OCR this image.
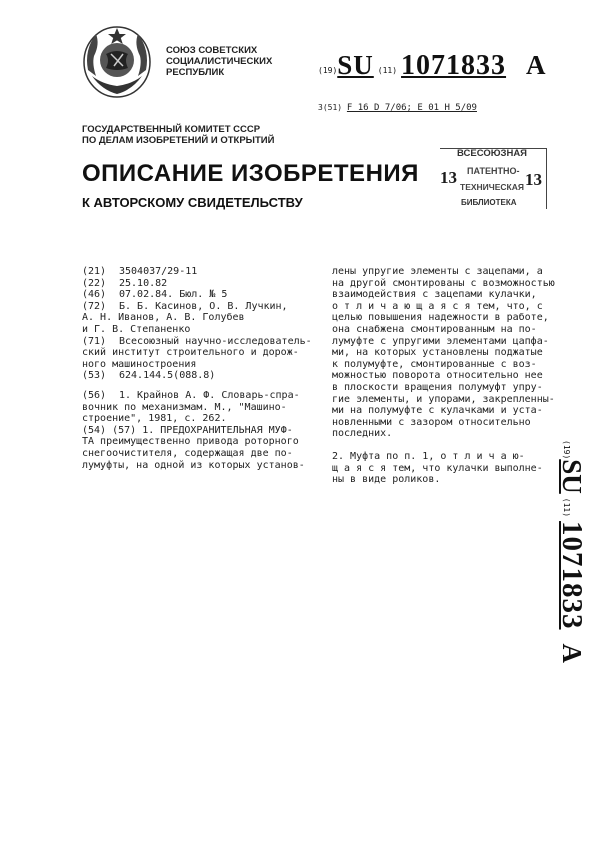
СОЮЗ СОВЕТСКИХ
СОЦИАЛИСТИЧЕСКИХ
РЕСПУБЛИК	(19)SU (11) 1071833 A
3(51) F 16 D 7/06; E 01 H 5/09
ГОСУДАРСТВЕННЫЙ КОМИТЕТ СССР
ПО ДЕЛАМ ИЗОБРЕТЕНИЙ И ОТКРЫТИЙ
ВСЕСОЮЗНАЯ
13 ПАТЕНТНО- 13
ТЕХНИЧЕСКАЯ
БИБЛИОТЕКА
ОПИСАНИЕ ИЗОБРЕТЕНИЯ
К АВТОРСКОМУ СВИДЕТЕЛЬСТВУ
(21) 3504037/29-11
(22) 25.10.82
(46) 07.02.84. Бюл. № 5
(72) Б. Б. Касинов, О. В. Лучкин,
А. Н. Иванов, А. В. Голубев
и Г. В. Степаненко
(71) Всесоюзный научно-исследователь-
ский институт строительного и дорож-
ного машиностроения
(53) 624.144.5(088.8)
(56) 1. Крайнов А. Ф. Словарь-спра-
вочник по механизмам. М., "Машино-
строение", 1981, с. 262.
(54) (57) 1. ПРЕДОХРАНИТЕЛЬНАЯ МУФ-
ТА преимущественно привода роторного
снегоочистителя, содержащая две по-
лумуфты, на одной из которых установ-
лены упругие элементы с зацепами, а
на другой смонтированы с возможностью
взаимодействия с зацепами кулачки,
о т л и ч а ю щ а я с я тем, что, с
целью повышения надежности в работе,
она снабжена смонтированным на по-
лумуфте с упругими элементами цапфа-
ми, на которых установлены поджатые
к полумуфте, смонтированные с воз-
можностью поворота относительно нее
в плоскости вращения полумуфт упру-
гие элементы, и упорами, закрепленны-
ми на полумуфте с кулачками и уста-
новленными с зазором относительно
последних.
2. Муфта по п. 1, о т л и ч а ю-
щ а я с я тем, что кулачки выполне-
ны в виде роликов.
(19)SU (11) 1071833 A
